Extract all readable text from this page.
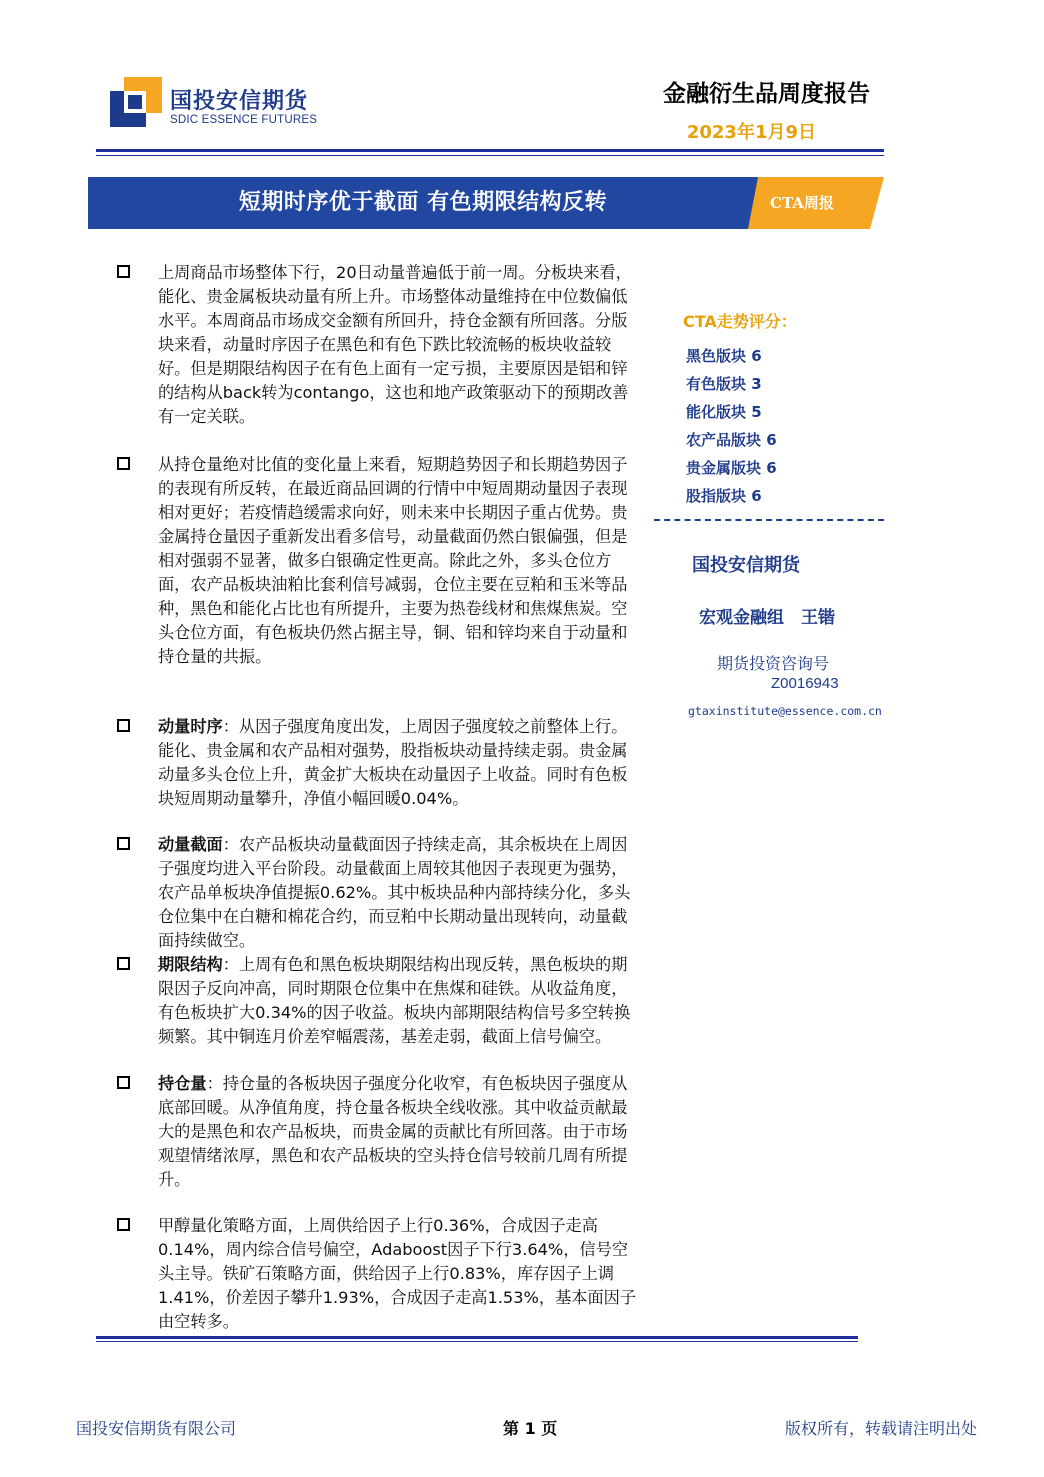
国投安信期货
SDIC ESSENCE FUTURES
金融衍生品周度报告
2023年1月9日
短期时序优于截面 有色期限结构反转	CTA周报
上周商品市场整体下行，20日动量普遍低于前一周。分板块来看，能化、贵金属板块动量有所上升。市场整体动量维持在中位数偏低水平。本周商品市场成交金额有所回升，持仓金额有所回落。分版块来看，动量时序因子在黑色和有色下跌比较流畅的板块收益较好。但是期限结构因子在有色上面有一定亏损，主要原因是铝和锌的结构从back转为contango，这也和地产政策驱动下的预期改善有一定关联。
从持仓量绝对比值的变化量上来看，短期趋势因子和长期趋势因子的表现有所反转，在最近商品回调的行情中中短周期动量因子表现相对更好；若疫情趋缓需求向好，则未来中长期因子重占优势。贵金属持仓量因子重新发出看多信号，动量截面仍然白银偏强，但是相对强弱不显著，做多白银确定性更高。除此之外，多头仓位方面，农产品板块油粕比套利信号减弱，仓位主要在豆粕和玉米等品种，黑色和能化占比也有所提升，主要为热卷线材和焦煤焦炭。空头仓位方面，有色板块仍然占据主导，铜、铝和锌均来自于动量和持仓量的共振。
动量时序：从因子强度角度出发，上周因子强度较之前整体上行。能化、贵金属和农产品相对强势，股指板块动量持续走弱。贵金属动量多头仓位上升，黄金扩大板块在动量因子上收益。同时有色板块短周期动量攀升，净值小幅回暖0.04%。
动量截面：农产品板块动量截面因子持续走高，其余板块在上周因子强度均进入平台阶段。动量截面上周较其他因子表现更为强势，农产品单板块净值提振0.62%。其中板块品种内部持续分化，多头仓位集中在白糖和棉花合约，而豆粕中长期动量出现转向，动量截面持续做空。
期限结构：上周有色和黑色板块期限结构出现反转，黑色板块的期限因子反向冲高，同时期限仓位集中在焦煤和硅铁。从收益角度，有色板块扩大0.34%的因子收益。板块内部期限结构信号多空转换频繁。其中铜连月价差窄幅震荡，基差走弱，截面上信号偏空。
持仓量：持仓量的各板块因子强度分化收窄，有色板块因子强度从底部回暖。从净值角度，持仓量各板块全线收涨。其中收益贡献最大的是黑色和农产品板块，而贵金属的贡献比有所回落。由于市场观望情绪浓厚，黑色和农产品板块的空头持仓信号较前几周有所提升。
甲醇量化策略方面，上周供给因子上行0.36%，合成因子走高0.14%，周内综合信号偏空，Adaboost因子下行3.64%，信号空头主导。铁矿石策略方面，供给因子上行0.83%，库存因子上调1.41%，价差因子攀升1.93%，合成因子走高1.53%，基本面因子由空转多。
CTA走势评分：
黑色版块 6
有色版块 3
能化版块 5
农产品版块 6
贵金属版块 6
股指版块 6
国投安信期货
宏观金融组　王锴
期货投资咨询号
Z0016943
gtaxinstitute@essence.com.cn
国投安信期货有限公司	第 1 页	版权所有，转载请注明出处
